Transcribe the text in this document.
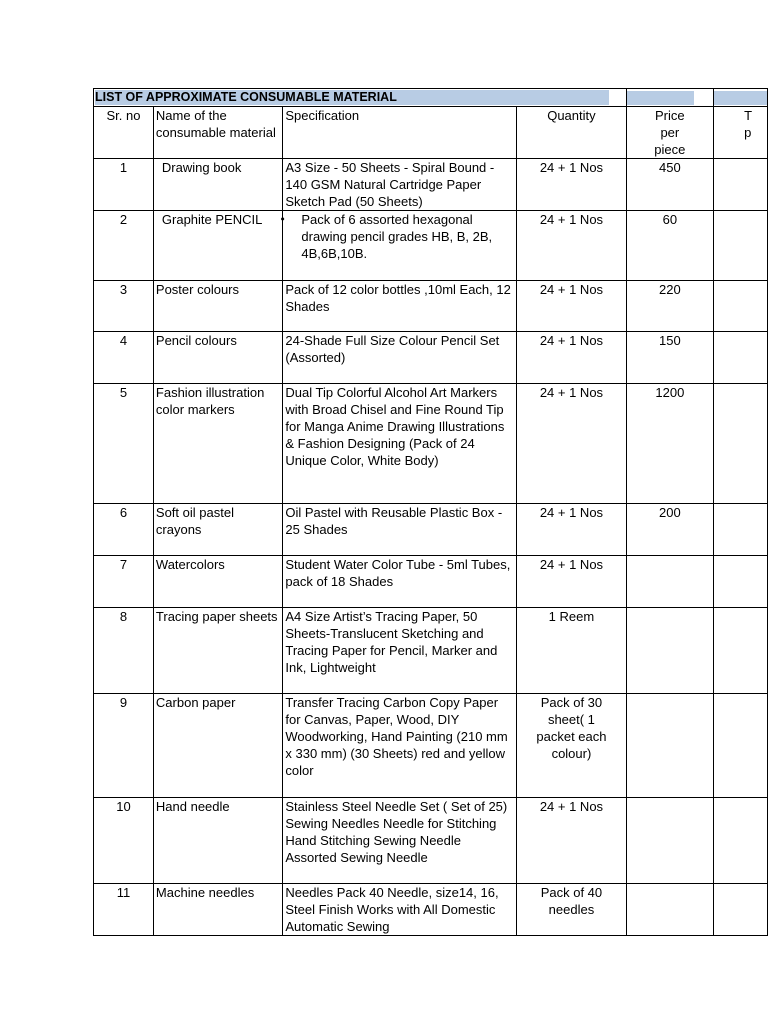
LIST OF APPROXIMATE CONSUMABLE MATERIAL					

Sr. no	Name of the consumable material	Specification	Quantity	Price per piece	T
p

1	Drawing book	A3 Size - 50 Sheets - Spiral Bound - 140 GSM Natural Cartridge Paper Sketch Pad (50 Sheets)	24 + 1 Nos	450	
2	Graphite PENCIL	• Pack of 6 assorted hexagonal drawing pencil grades HB, B, 2B, 4B,6B,10B.	24 + 1 Nos	60	
3	Poster colours	Pack of 12 color bottles ,10ml Each, 12 Shades	24 + 1 Nos	220	
4	Pencil colours	24-Shade Full Size Colour Pencil Set (Assorted)	24 + 1 Nos	150	
5	Fashion illustration color markers	Dual Tip Colorful Alcohol Art Markers with Broad Chisel and Fine Round Tip for Manga Anime Drawing Illustrations & Fashion Designing (Pack of 24 Unique Color, White Body)	24 + 1 Nos	1200	
6	Soft oil pastel crayons	Oil Pastel with Reusable Plastic Box - 25 Shades	24 + 1 Nos	200	
7	Watercolors	Student Water Color Tube - 5ml Tubes, pack of 18 Shades	24 + 1 Nos		
8	Tracing paper sheets	A4 Size Artist’s Tracing Paper, 50 Sheets-Translucent Sketching and Tracing Paper for Pencil, Marker and Ink, Lightweight	1 Reem		
9	Carbon paper	Transfer Tracing Carbon Copy Paper for Canvas, Paper, Wood, DIY Woodworking, Hand Painting (210 mm x 330 mm) (30 Sheets) red and yellow color	Pack of 30 sheet( 1 packet each colour)		
10	Hand needle	Stainless Steel Needle Set ( Set of 25) Sewing Needles Needle for Stitching Hand Stitching Sewing Needle Assorted Sewing Needle	24 + 1 Nos		
11	Machine needles	Needles Pack 40 Needle, size14, 16, Steel Finish Works with All Domestic Automatic Sewing	Pack of 40 needles		
